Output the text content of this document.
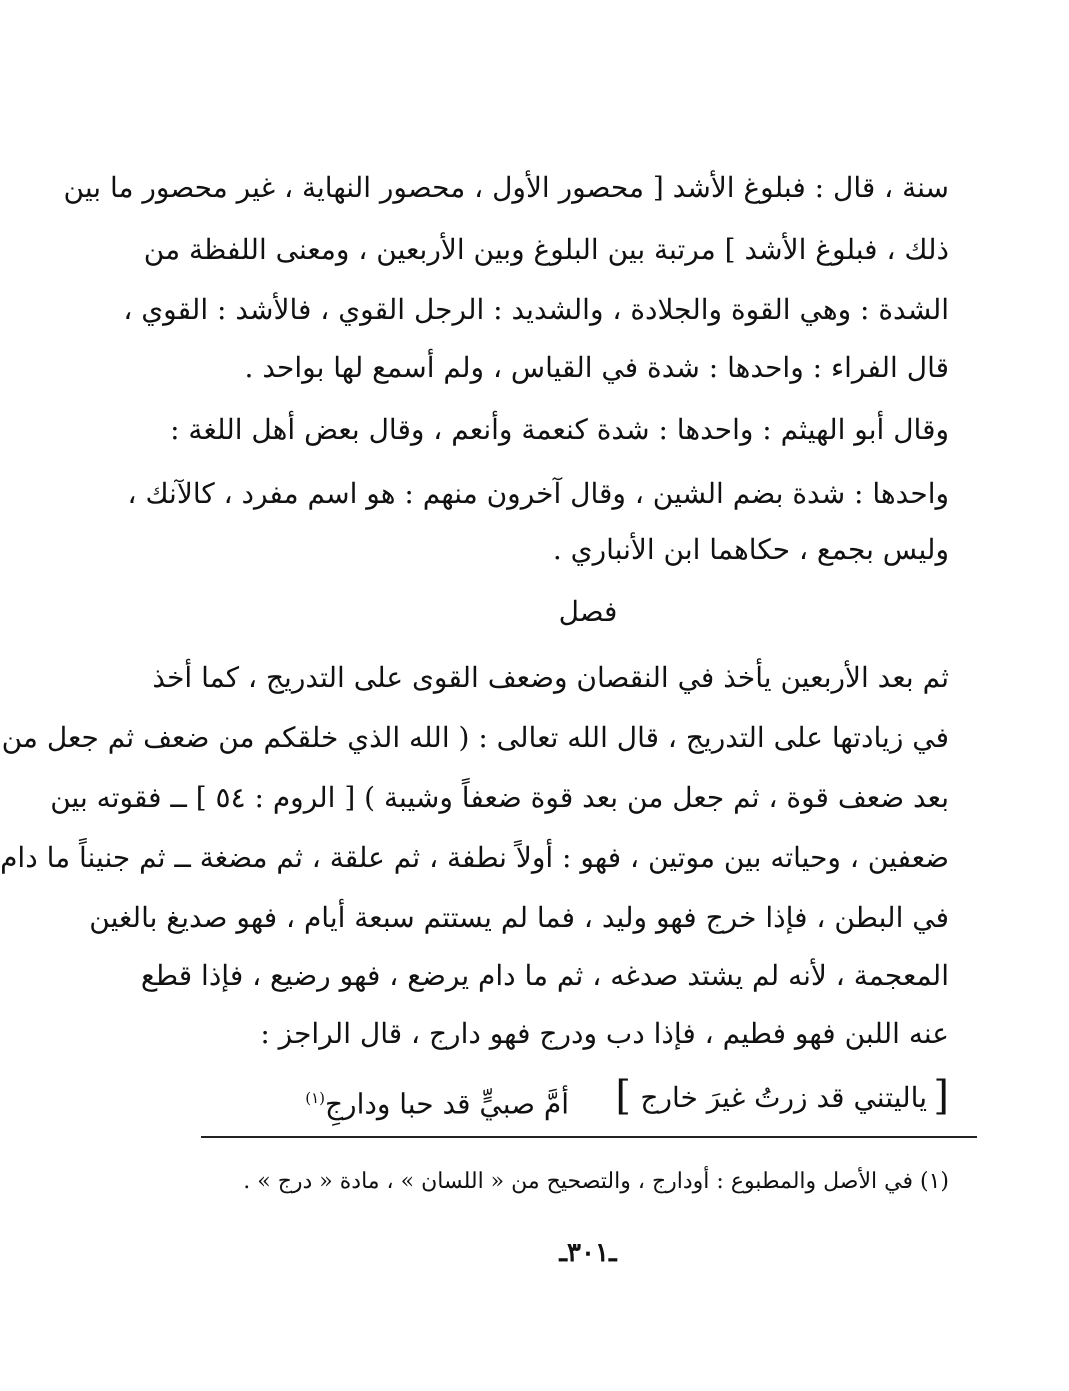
سنة ، قال : فبلوغ الأشد [ محصور الأول ، محصور النهاية ، غير محصور ما بين
ذلك ، فبلوغ الأشد ] مرتبة بين البلوغ وبين الأربعين ، ومعنى اللفظة من
الشدة : وهي القوة والجلادة ، والشديد : الرجل القوي ، فالأشد : القوي ،
قال الفراء : واحدها : شدة في القياس ، ولم أسمع لها بواحد .
وقال أبو الهيثم : واحدها : شدة كنعمة وأنعم ، وقال بعض أهل اللغة :
واحدها : شدة بضم الشين ، وقال آخرون منهم : هو اسم مفرد ، كالآنك ،
وليس بجمع ، حكاهما ابن الأنباري .
فصل
ثم بعد الأربعين يأخذ في النقصان وضعف القوى على التدريج ، كما أخذ
في زيادتها على التدريج ، قال الله تعالى : ( الله الذي خلقكم من ضعف ثم جعل من
بعد ضعف قوة ، ثم جعل من بعد قوة ضعفاً وشيبة ) [ الروم : ٥٤ ] ــ فقوته بين
ضعفين ، وحياته بين موتين ، فهو : أولاً نطفة ، ثم علقة ، ثم مضغة ــ ثم جنيناً ما دام
في البطن ، فإذا خرج فهو وليد ، فما لم يستتم سبعة أيام ، فهو صديغ بالغين
المعجمة ، لأنه لم يشتد صدغه ، ثم ما دام يرضع ، فهو رضيع ، فإذا قطع
عنه اللبن فهو فطيم ، فإذا دب ودرج فهو دارج ، قال الراجز :
[
ياليتني قد زرتُ غيرَ خارج
]
أمَّ صبيٍّ قد حبا ودارجِ$^{(١)}$
(١) في الأصل والمطبوع : أودارج ، والتصحيح من « اللسان » ، مادة « درج » .
ـ٣٠١ـ
